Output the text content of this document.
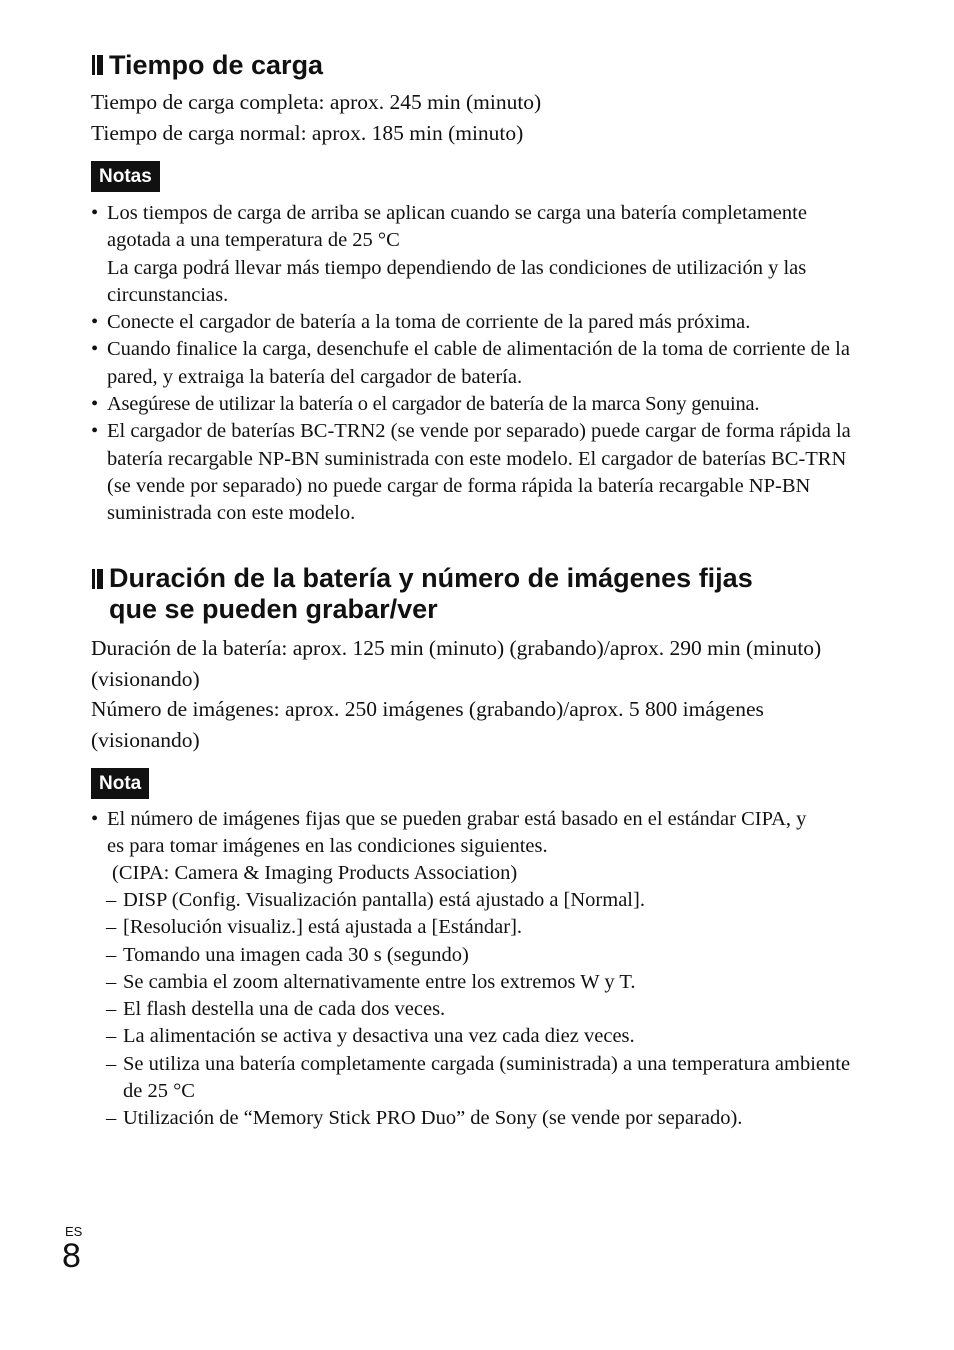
Tiempo de carga

Tiempo de carga completa: aprox. 245 min (minuto)

Tiempo de carga normal: aprox. 185 min (minuto)

Notas
• Los tiempos de carga de arriba se aplican cuando se carga una batería completamente agotada a una temperatura de 25 °C
La carga podrá llevar más tiempo dependiendo de las condiciones de utilización y las circunstancias.
• Conecte el cargador de batería a la toma de corriente de la pared más próxima.
• Cuando finalice la carga, desenchufe el cable de alimentación de la toma de corriente de la pared, y extraiga la batería del cargador de batería.
• Asegúrese de utilizar la batería o el cargador de batería de la marca Sony genuina.
• El cargador de baterías BC-TRN2 (se vende por separado) puede cargar de forma rápida la batería recargable NP-BN suministrada con este modelo. El cargador de baterías BC-TRN (se vende por separado) no puede cargar de forma rápida la batería recargable NP-BN suministrada con este modelo.
Duración de la batería y número de imágenes fijas
que se pueden grabar/ver

Duración de la batería: aprox. 125 min (minuto) (grabando)/aprox. 290 min (minuto) (visionando)

Número de imágenes: aprox. 250 imágenes (grabando)/aprox. 5 800 imágenes (visionando)

Nota
• El número de imágenes fijas que se pueden grabar está basado en el estándar CIPA, y es para tomar imágenes en las condiciones siguientes.
(CIPA: Camera & Imaging Products Association)
– DISP (Config. Visualización pantalla) está ajustado a [Normal].
– [Resolución visualiz.] está ajustada a [Estándar].
– Tomando una imagen cada 30 s (segundo)
– Se cambia el zoom alternativamente entre los extremos W y T.
– El flash destella una de cada dos veces.
– La alimentación se activa y desactiva una vez cada diez veces.
– Se utiliza una batería completamente cargada (suministrada) a una temperatura ambiente de 25 °C
– Utilización de “Memory Stick PRO Duo” de Sony (se vende por separado).
ES
8
